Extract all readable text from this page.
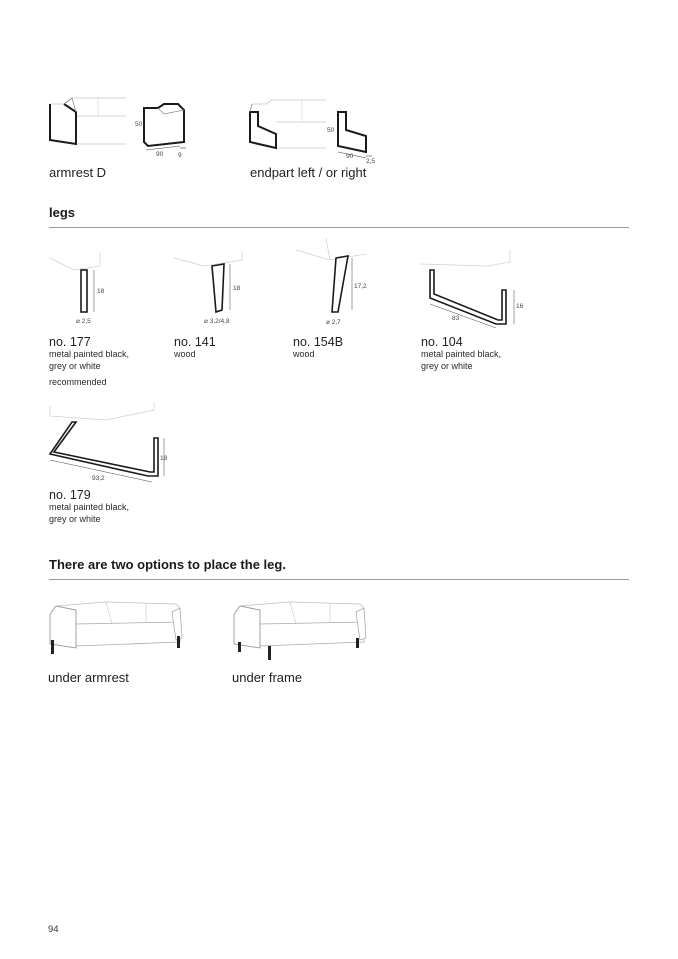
50
90 9
armrest D
50
90
2,5
endpart left / or right
legs
18
⌀ 2,5
no. 177
metal painted black,
grey or white
recommended
18
⌀ 3,2/4,8
no. 141
wood
17,2
⌀ 2,7
no. 154B
wood
16
83
no. 104
metal painted black,
grey or white
18
93,2
no. 179
metal painted black,
grey or white
There are two options to place the leg.
under armrest	under frame
94
